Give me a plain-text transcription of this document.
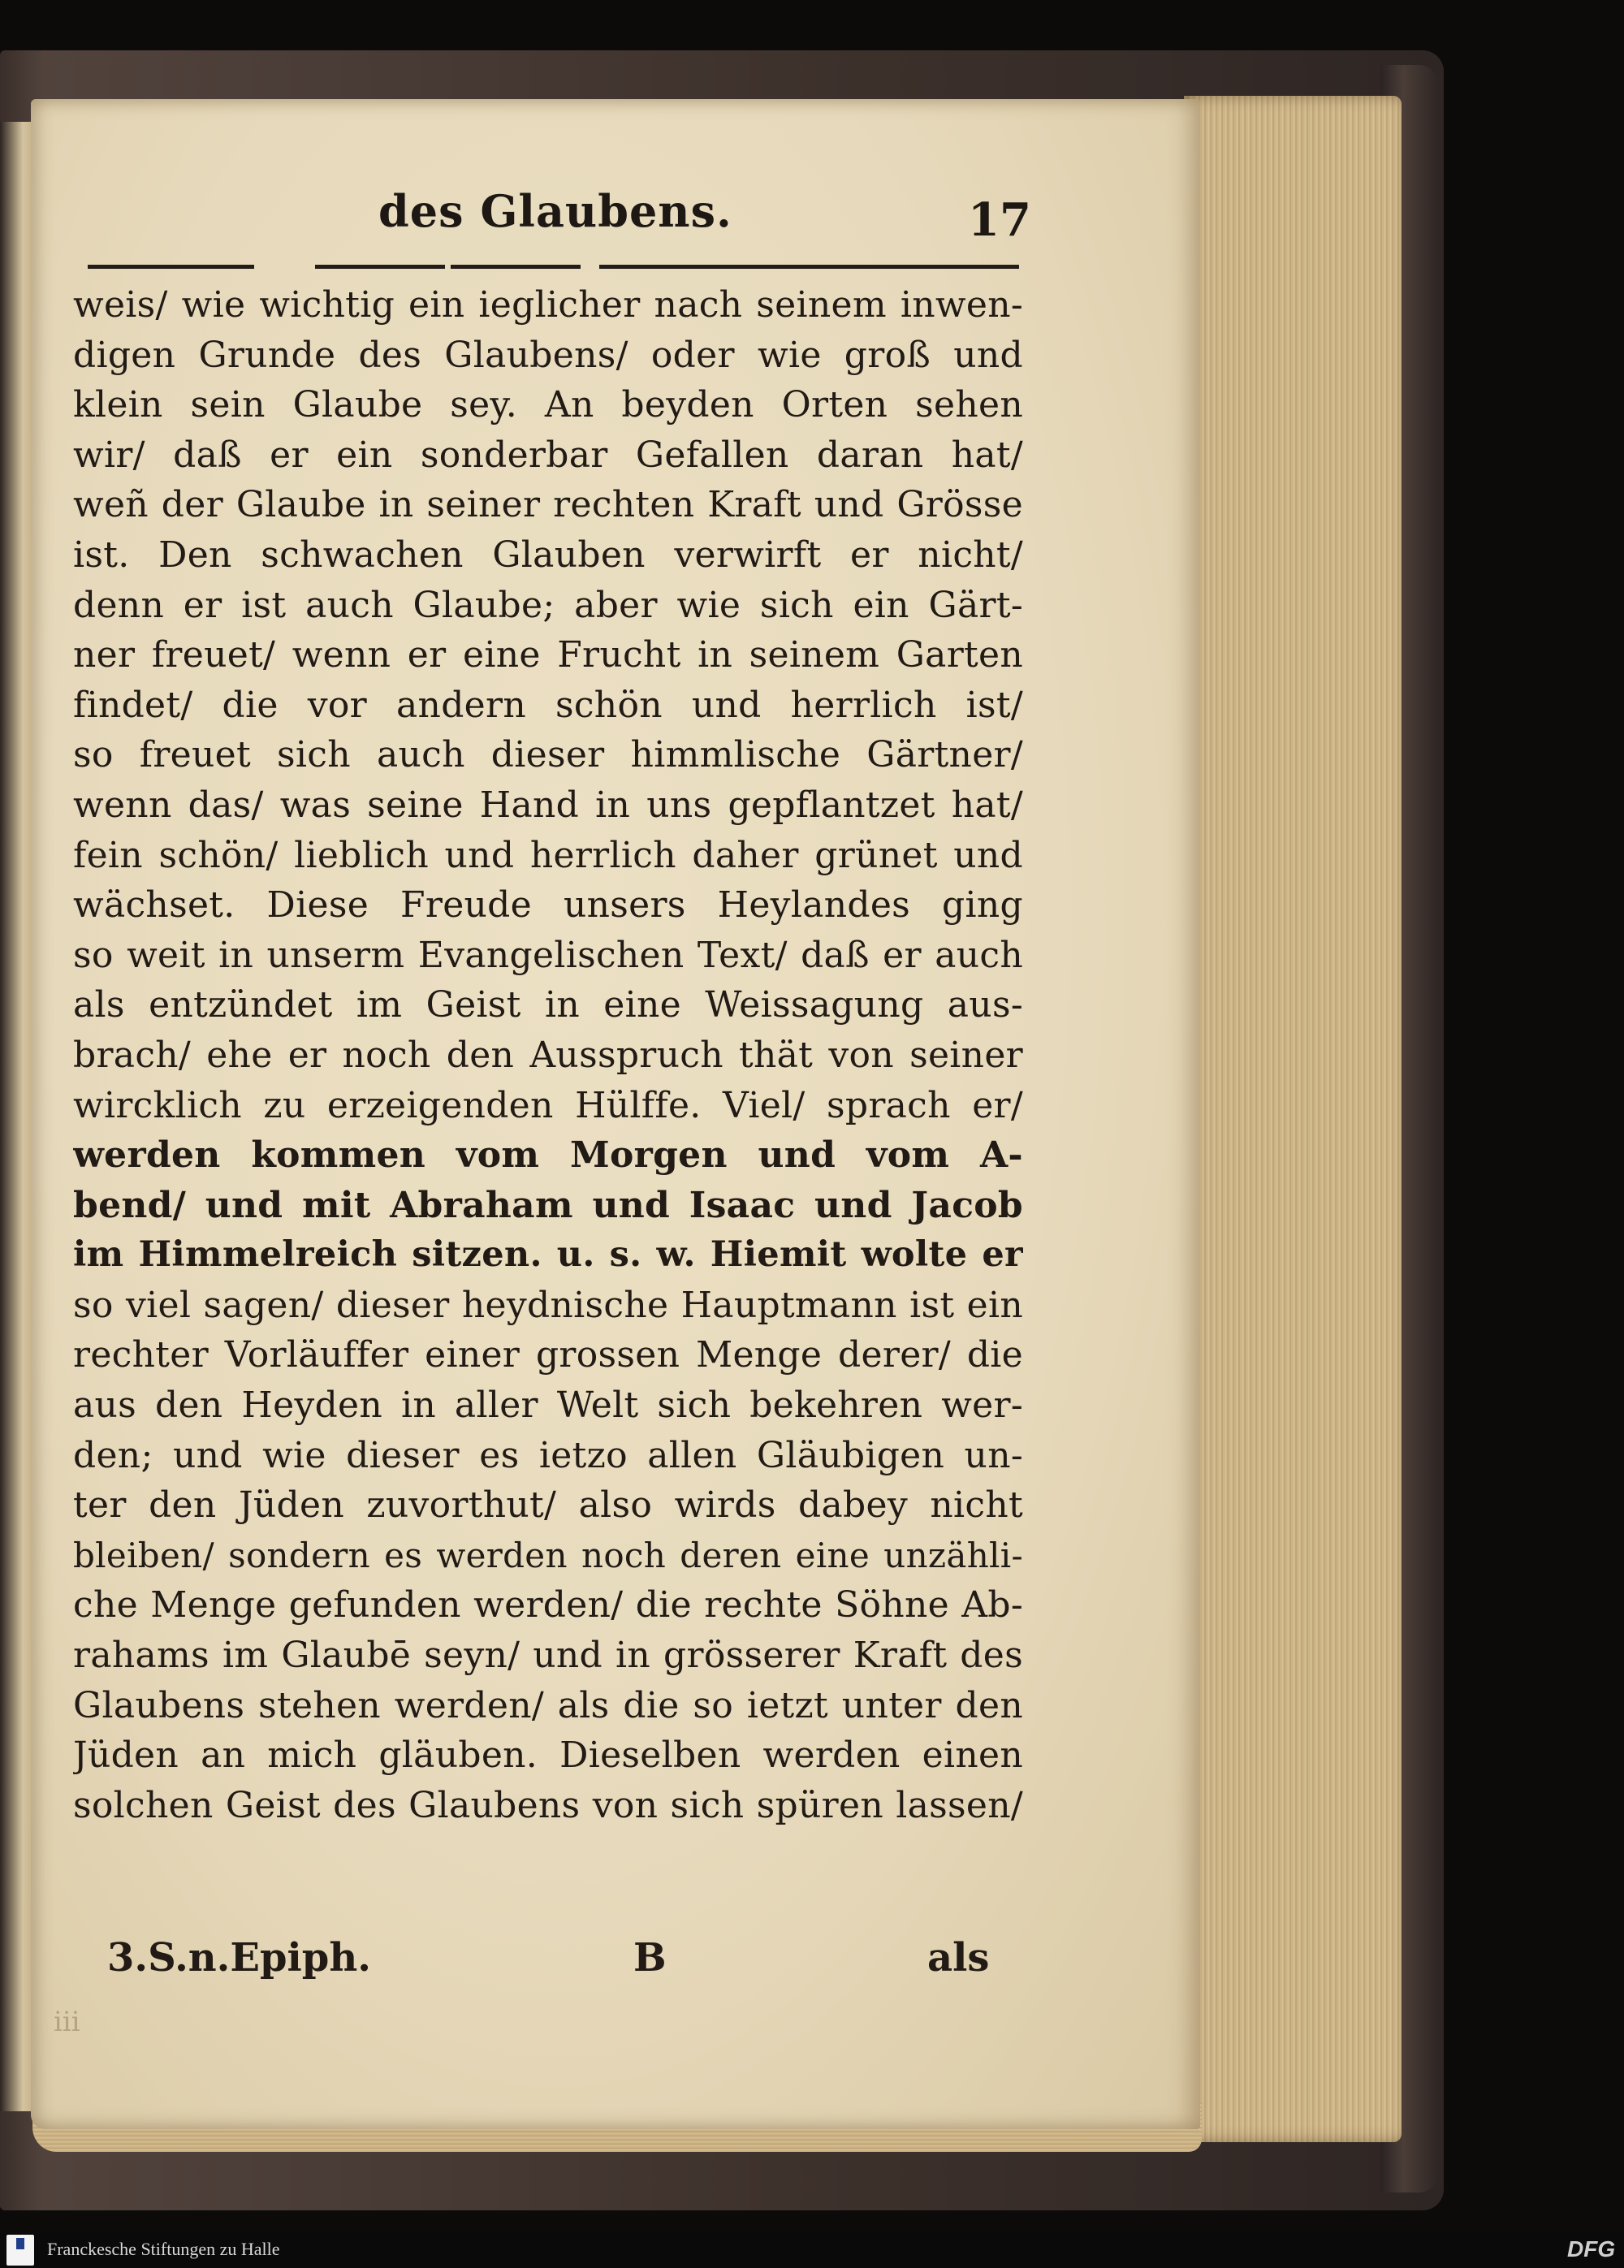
des Glaubens.	17
weis/ wie wichtig ein ieglicher nach seinem inwen-
digen Grunde des Glaubens/ oder wie groß und
klein sein Glaube sey. An beyden Orten sehen
wir/ daß er ein sonderbar Gefallen daran hat/
weñ der Glaube in seiner rechten Kraft und Grösse
ist. Den schwachen Glauben verwirft er nicht/
denn er ist auch Glaube; aber wie sich ein Gärt-
ner freuet/ wenn er eine Frucht in seinem Garten
findet/ die vor andern schön und herrlich ist/
so freuet sich auch dieser himmlische Gärtner/
wenn das/ was seine Hand in uns gepflantzet hat/
fein schön/ lieblich und herrlich daher grünet und
wächset. Diese Freude unsers Heylandes ging
so weit in unserm Evangelischen Text/ daß er auch
als entzündet im Geist in eine Weissagung aus-
brach/ ehe er noch den Ausspruch thät von seiner
wircklich zu erzeigenden Hülffe. Viel/ sprach er/
werden kommen vom Morgen und vom A-
bend/ und mit Abraham und Isaac und Jacob
im Himmelreich sitzen. u. s. w. Hiemit wolte er
so viel sagen/ dieser heydnische Hauptmann ist ein
rechter Vorläuffer einer grossen Menge derer/ die
aus den Heyden in aller Welt sich bekehren wer-
den; und wie dieser es ietzo allen Gläubigen un-
ter den Jüden zuvorthut/ also wirds dabey nicht
bleiben/ sondern es werden noch deren eine unzähli-
che Menge gefunden werden/ die rechte Söhne Ab-
rahams im Glaubē seyn/ und in grösserer Kraft des
Glaubens stehen werden/ als die so ietzt unter den
Jüden an mich gläuben. Dieselben werden einen
solchen Geist des Glaubens von sich spüren lassen/
3.S.n.Epiph.	B	als
iii
Franckesche Stiftungen zu Halle	DFG
